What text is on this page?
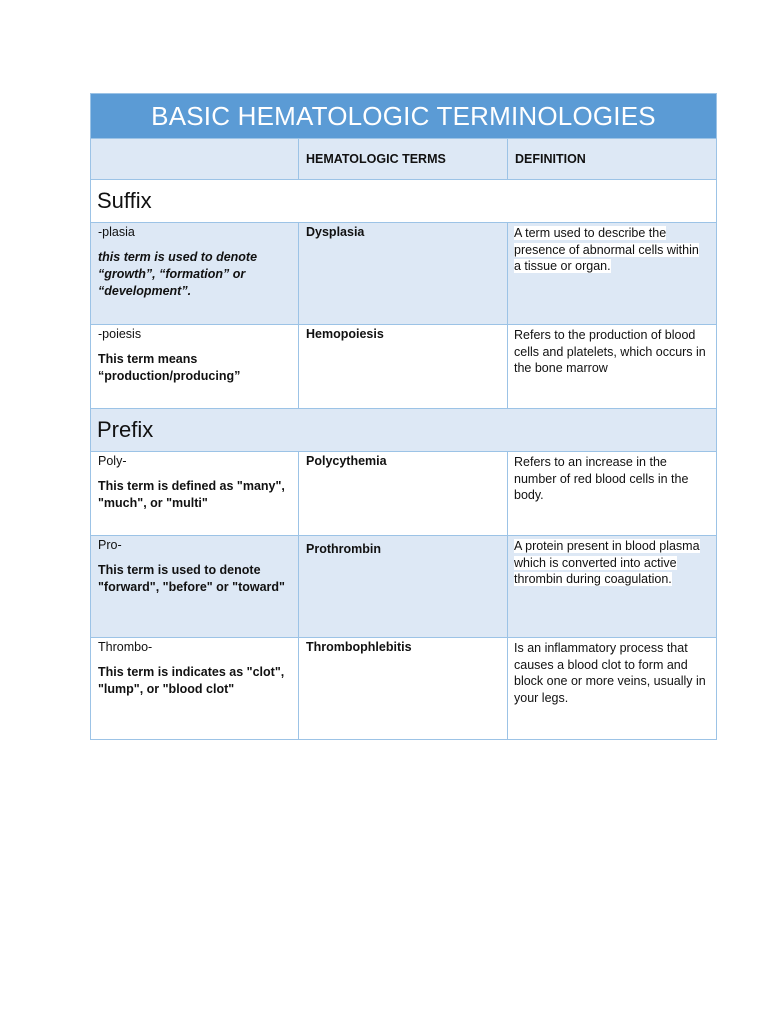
BASIC HEMATOLOGIC TERMINOLOGIES		

	HEMATOLOGIC TERMS	DEFINITION

Suffix		

-plasia
this term is used to denote “growth”, “formation” or “development”.	Dysplasia	A term used to describe the presence of abnormal cells within a tissue or organ.

-poiesis
This term means “production/producing”	Hemopoiesis	Refers to the production of blood cells and platelets, which occurs in the bone marrow

Prefix		

Poly-
This term is defined as "many", "much", or "multi"	Polycythemia	Refers to an increase in the number of red blood cells in the body.

Pro-
This term is used to denote "forward", "before" or "toward"	Prothrombin	A protein present in blood plasma which is converted into active thrombin during coagulation.

Thrombo-
This term is indicates as "clot", "lump", or "blood clot"	Thrombophlebitis	Is an inflammatory process that causes a blood clot to form and block one or more veins, usually in your legs.
